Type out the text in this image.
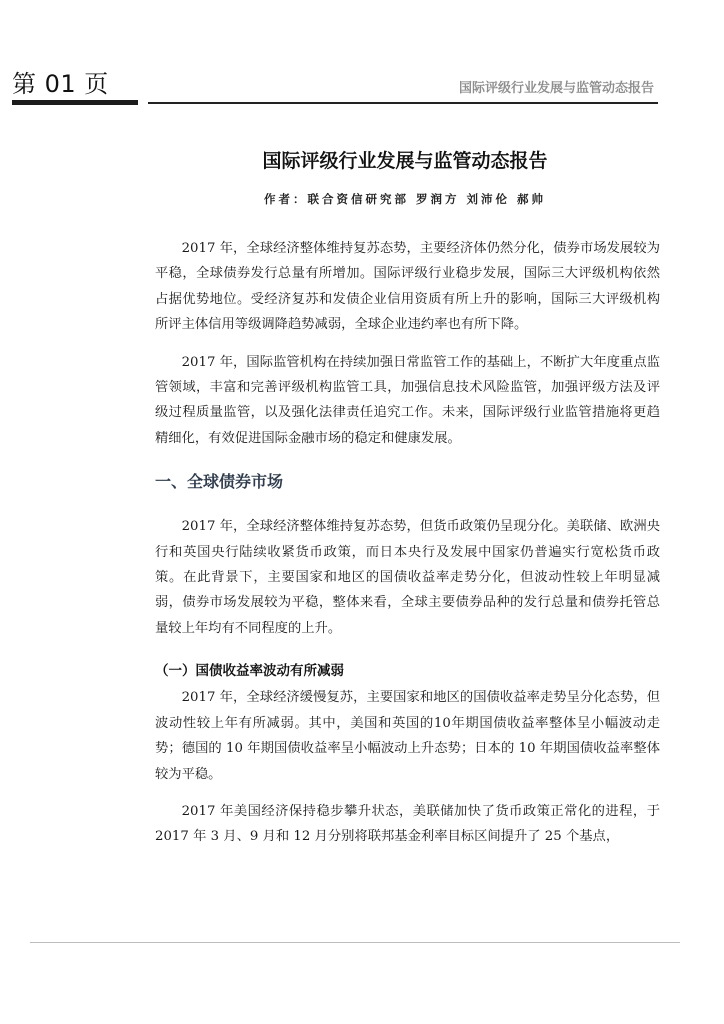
第 01 页	国际评级行业发展与监管动态报告
国际评级行业发展与监管动态报告
作者：联合资信研究部 罗润方 刘沛伦 郝帅

2017 年，全球经济整体维持复苏态势，主要经济体仍然分化，债券市场发展较为平稳，全球债券发行总量有所增加。国际评级行业稳步发展，国际三大评级机构依然占据优势地位。受经济复苏和发债企业信用资质有所上升的影响，国际三大评级机构所评主体信用等级调降趋势减弱，全球企业违约率也有所下降。

2017 年，国际监管机构在持续加强日常监管工作的基础上，不断扩大年度重点监管领域，丰富和完善评级机构监管工具，加强信息技术风险监管，加强评级方法及评级过程质量监管，以及强化法律责任追究工作。未来，国际评级行业监管措施将更趋精细化，有效促进国际金融市场的稳定和健康发展。

一、全球债券市场

2017 年，全球经济整体维持复苏态势，但货币政策仍呈现分化。美联储、欧洲央行和英国央行陆续收紧货币政策，而日本央行及发展中国家仍普遍实行宽松货币政策。在此背景下，主要国家和地区的国债收益率走势分化，但波动性较上年明显减弱，债券市场发展较为平稳，整体来看，全球主要债券品种的发行总量和债券托管总量较上年均有不同程度的上升。

（一）国债收益率波动有所减弱

2017 年，全球经济缓慢复苏，主要国家和地区的国债收益率走势呈分化态势，但波动性较上年有所减弱。其中，美国和英国的10年期国债收益率整体呈小幅波动走势；德国的 10 年期国债收益率呈小幅波动上升态势；日本的 10 年期国债收益率整体较为平稳。

2017 年美国经济保持稳步攀升状态，美联储加快了货币政策正常化的进程，于 2017 年 3 月、9 月和 12 月分别将联邦基金利率目标区间提升了 25 个基点，
